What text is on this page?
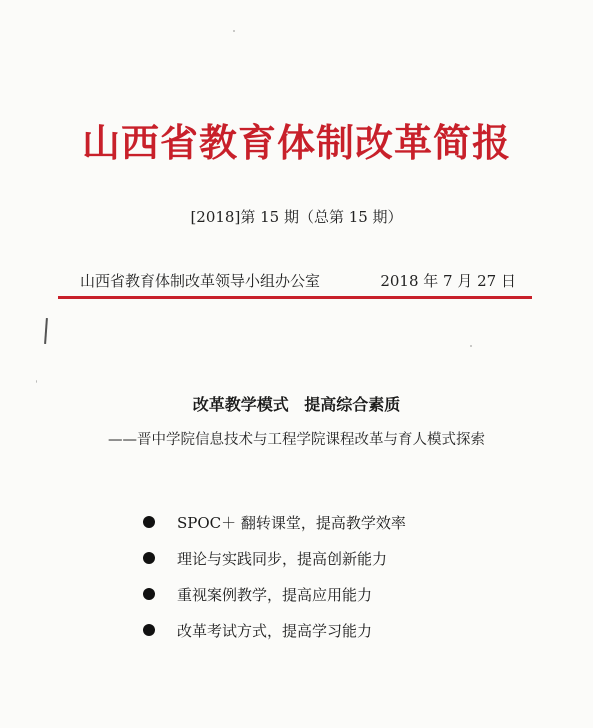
山西省教育体制改革简报
[2018]第 15 期（总第 15 期）
山西省教育体制改革领导小组办公室	2018 年 7 月 27 日
改革教学模式 提高综合素质
——晋中学院信息技术与工程学院课程改革与育人模式探索
SPOC＋ 翻转课堂，提高教学效率
理论与实践同步，提高创新能力
重视案例教学，提高应用能力
改革考试方式，提高学习能力
